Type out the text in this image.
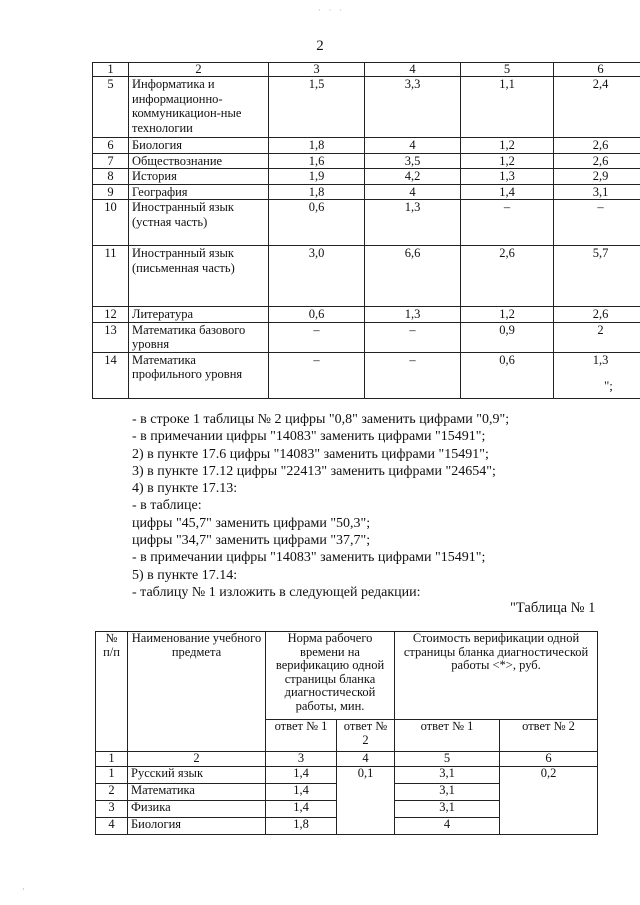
· · ·
2
1	2	3	4	5	6
5	Информатика и информационно-коммуникацион-ные технологии	1,5	3,3	1,1	2,4
6	Биология	1,8	4	1,2	2,6
7	Обществознание	1,6	3,5	1,2	2,6
8	История	1,9	4,2	1,3	2,9
9	География	1,8	4	1,4	3,1
10	Иностранный язык (устная часть)	0,6	1,3	–	–
11	Иностранный язык (письменная часть)	3,0	6,6	2,6	5,7
12	Литература	0,6	1,3	1,2	2,6
13	Математика базового уровня	–	–	0,9	2
14	Математика профильного уровня	–	–	0,6	1,3
";
- в строке 1 таблицы № 2 цифры "0,8" заменить цифрами "0,9";
- в примечании цифры "14083" заменить цифрами "15491";
2) в пункте 17.6 цифры "14083" заменить цифрами "15491";
3) в пункте 17.12 цифры "22413" заменить цифрами "24654";
4) в пункте 17.13:
- в таблице:
цифры "45,7" заменить цифрами "50,3";
цифры "34,7" заменить цифрами "37,7";
- в примечании цифры "14083" заменить цифрами "15491";
5) в пункте 17.14:
- таблицу № 1 изложить в следующей редакции:
"Таблица № 1
№ п/п	Наименование учебного предмета	Норма рабочего времени на верификацию одной страницы бланка диагностической работы, мин.		Стоимость верификации одной страницы бланка диагностической работы <*>, руб.	
		ответ № 1	ответ № 2	ответ № 1	ответ № 2
1	2	3	4	5	6
1	Русский язык	1,4	0,1	3,1	0,2
2	Математика	1,4		3,1	
3	Физика	1,4		3,1	
4	Биология	1,8		4	
·
